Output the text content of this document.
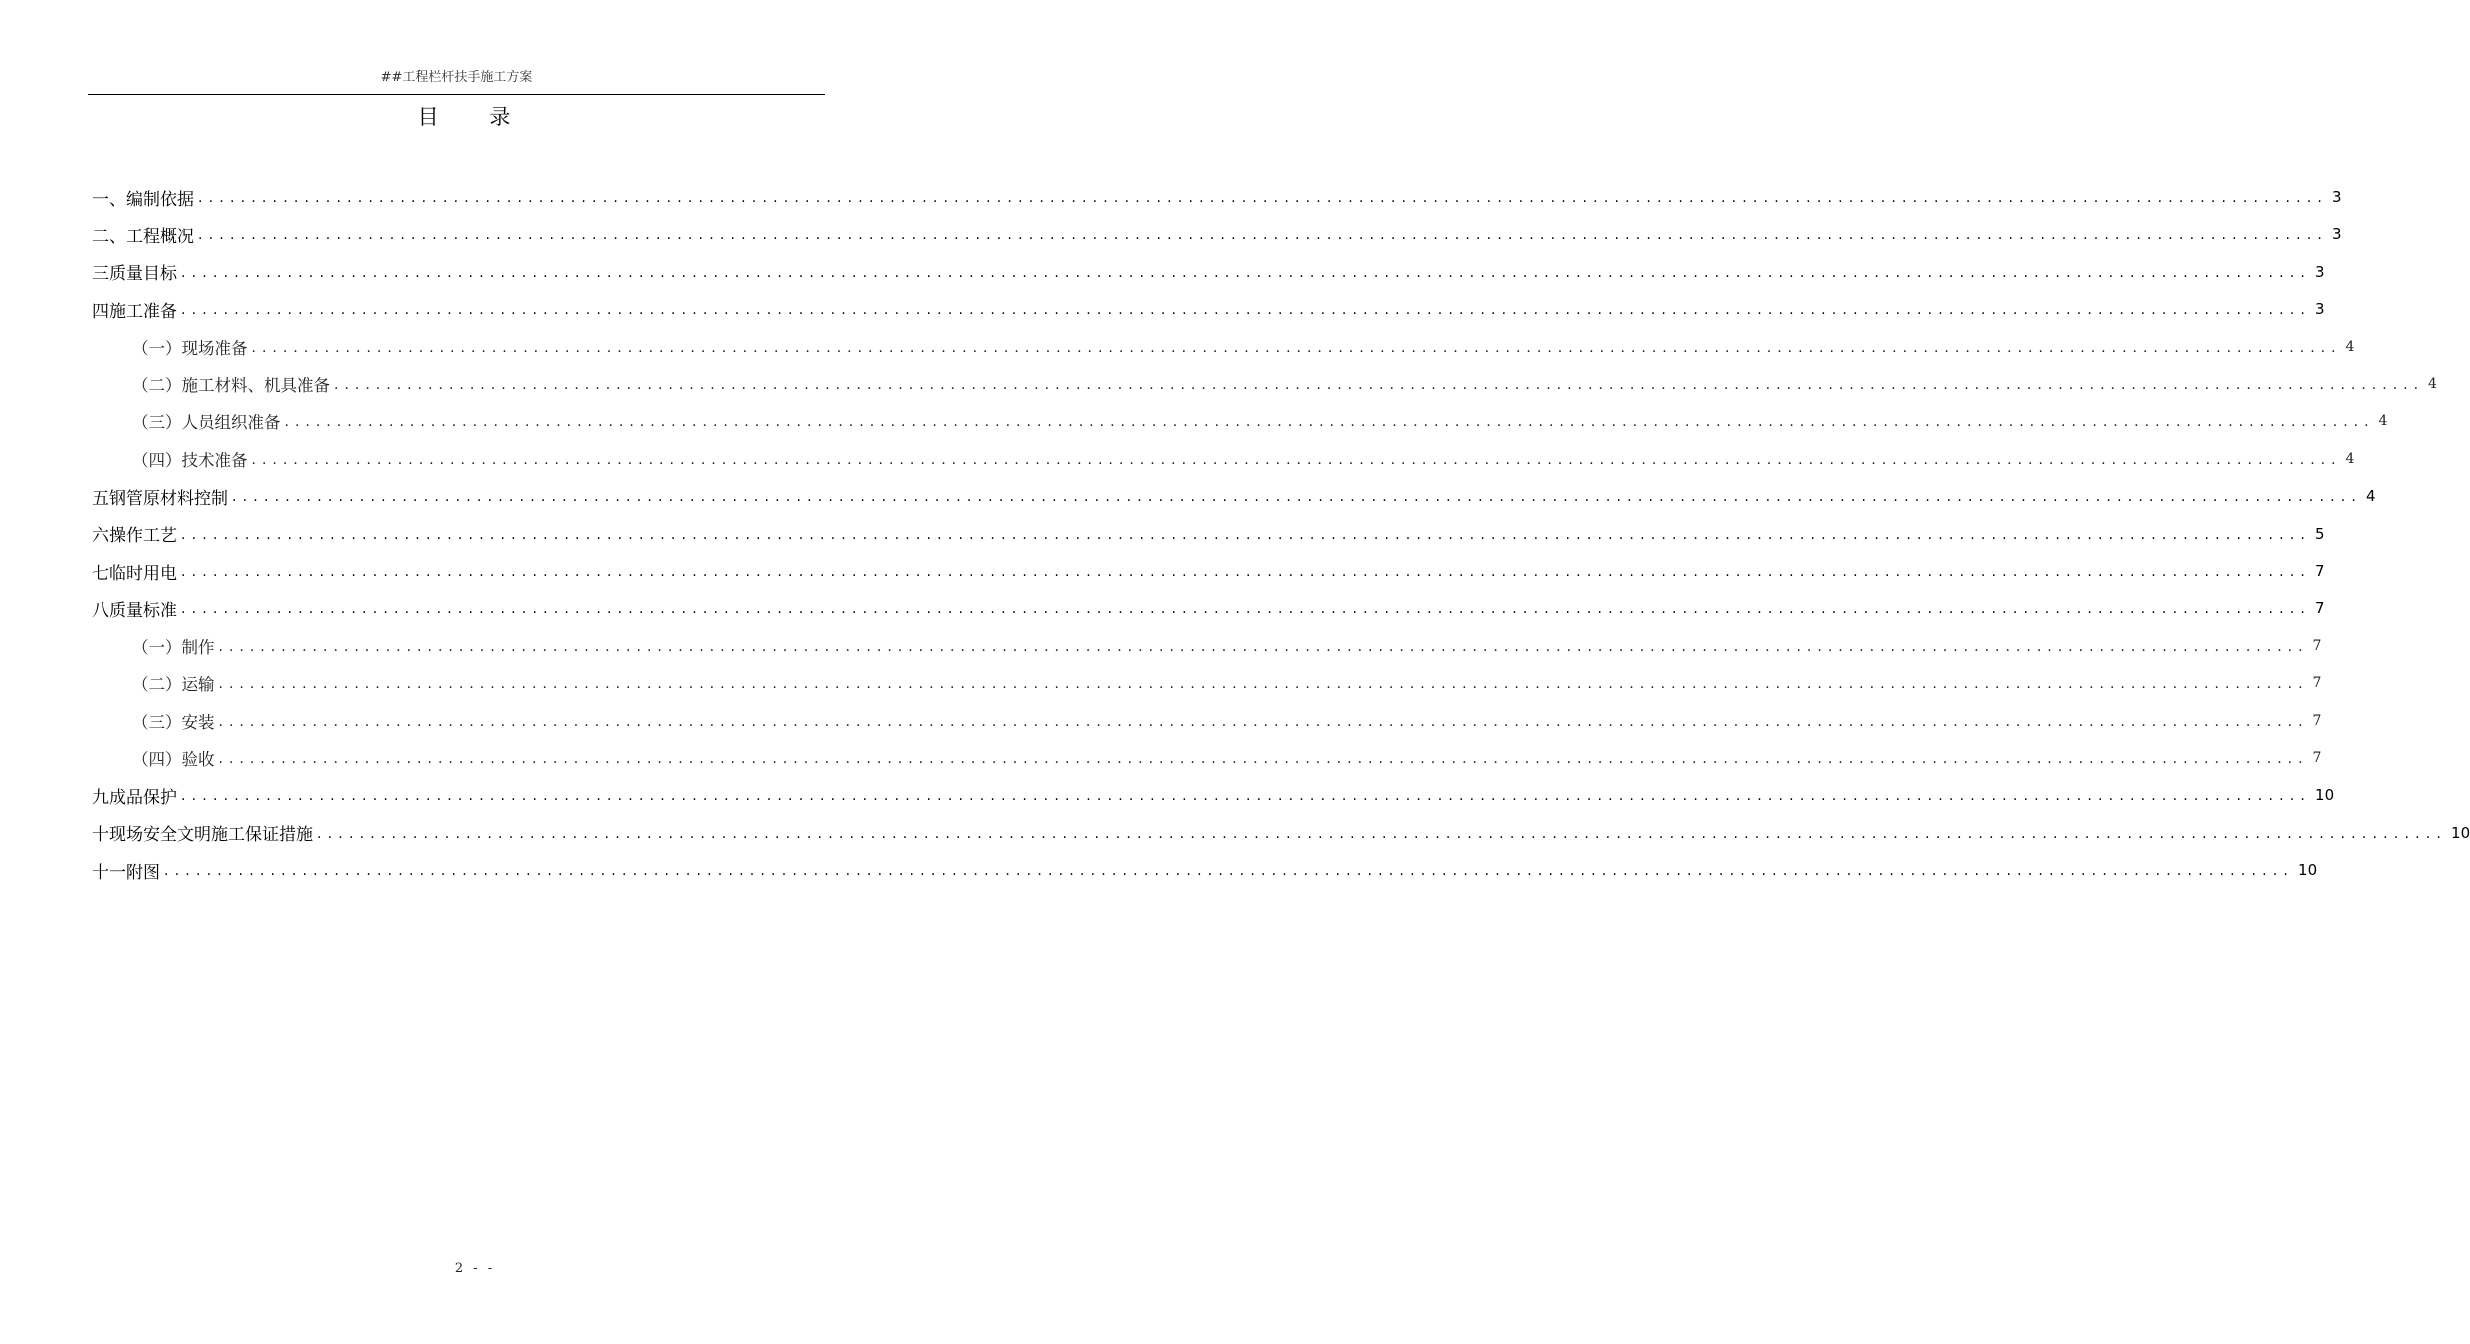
##工程栏杆扶手施工方案
目 录
一、 编制依据 ........................................................................................................................................................................................................ 3
二、 工程概况 ........................................................................................................................................................................................................ 3
三 质量目标 ........................................................................................................................................................................................................ 3
四 施工准备 ........................................................................................................................................................................................................ 3
（一） 现场准备 ........................................................................................................................................................................................................ 4
（二） 施工材料、机具准备 ........................................................................................................................................................................................................ 4
（三） 人员组织准备 ........................................................................................................................................................................................................ 4
（四） 技术准备 ........................................................................................................................................................................................................ 4
五 钢管原材料控制 ........................................................................................................................................................................................................ 4
六 操作工艺 ........................................................................................................................................................................................................ 5
七 临时用电 ........................................................................................................................................................................................................ 7
八 质量标准 ........................................................................................................................................................................................................ 7
（一） 制作 ........................................................................................................................................................................................................ 7
（二） 运输 ........................................................................................................................................................................................................ 7
（三） 安装 ........................................................................................................................................................................................................ 7
（四） 验收 ........................................................................................................................................................................................................ 7
九 成品保护 ........................................................................................................................................................................................................ 10
十 现场安全文明施工保证措施 ........................................................................................................................................................................................................ 10
十一 附图 ........................................................................................................................................................................................................ 10
2 - -
